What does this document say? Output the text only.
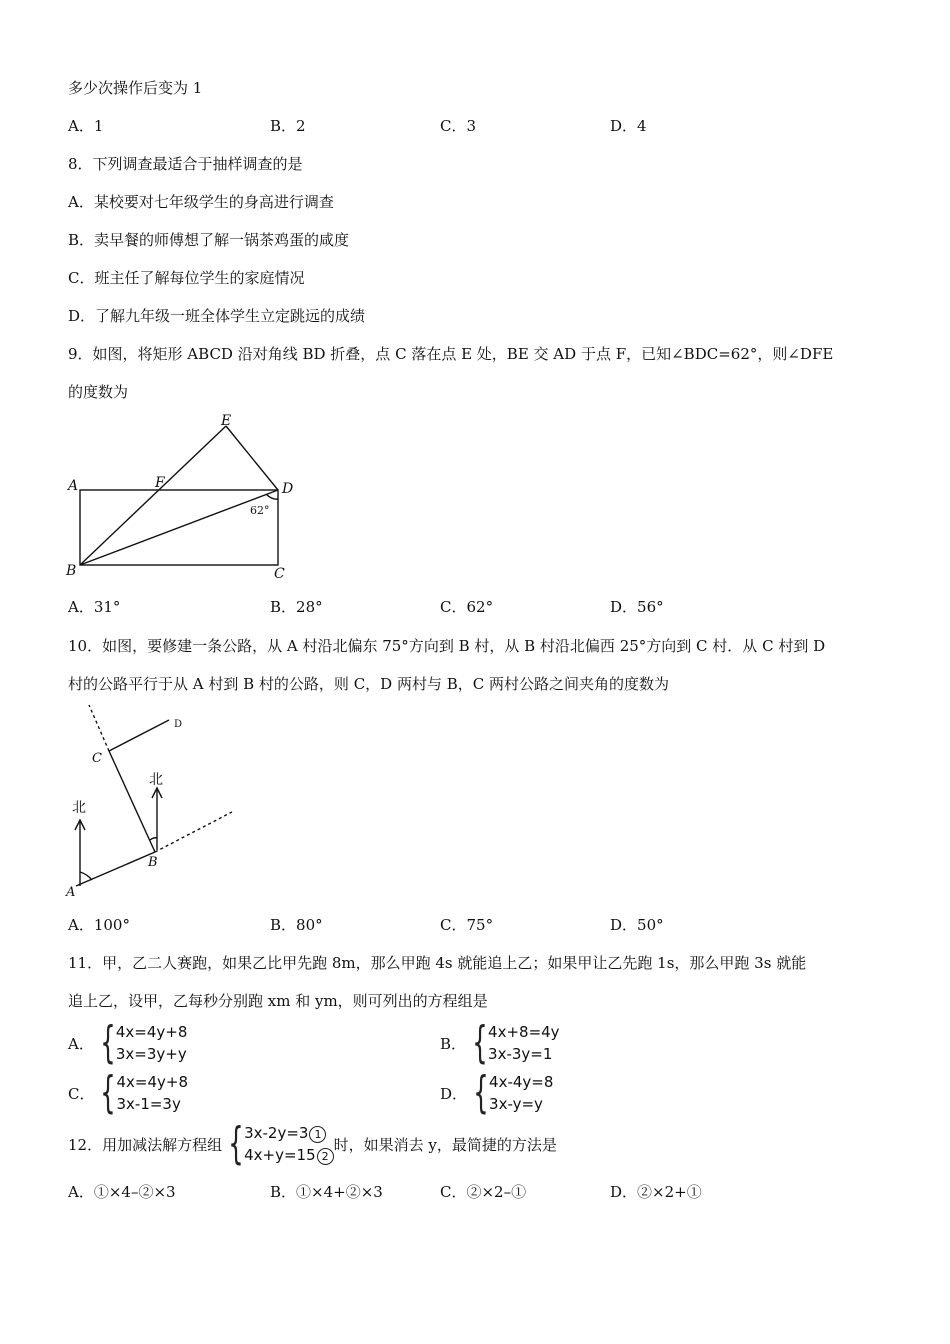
多少次操作后变为 1
A．1	B．2	C．3	D．4
8．下列调查最适合于抽样调查的是
A．某校要对七年级学生的身高进行调查
B．卖早餐的师傅想了解一锅茶鸡蛋的咸度
C．班主任了解每位学生的家庭情况
D．了解九年级一班全体学生立定跳远的成绩
9．如图，将矩形 ABCD 沿对角线 BD 折叠，点 C 落在点 E 处，BE 交 AD 于点 F，已知∠BDC=62°，则∠DFE
的度数为
E
A	F	D
62°
B	C
A．31°	B．28°	C．62°	D．56°
10．如图，要修建一条公路，从 A 村沿北偏东 75°方向到 B 村，从 B 村沿北偏西 25°方向到 C 村．从 C 村到 D
村的公路平行于从 A 村到 B 村的公路，则 C，D 两村与 B，C 两村公路之间夹角的度数为
D
C
北
北
B
A
A．100°	B．80°	C．75°	D．50°
11．甲，乙二人赛跑，如果乙比甲先跑 8m，那么甲跑 4s 就能追上乙；如果甲让乙先跑 1s，那么甲跑 3s 就能
追上乙，设甲，乙每秒分别跑 xm 和 ym，则可列出的方程组是
A． { 4x=4y+8
3x=3y+y
B． { 4x+8=4y
3x-3y=1
C． { 4x=4y+8
3x-1=3y
D． { 4x-4y=8
3x-y=y
12．用加减法解方程组 { 3x-2y=3 1
4x+y=15 2
时，如果消去 y，最简捷的方法是
A．①×4–②×3	B．①×4+②×3	C．②×2–①	D．②×2+①
